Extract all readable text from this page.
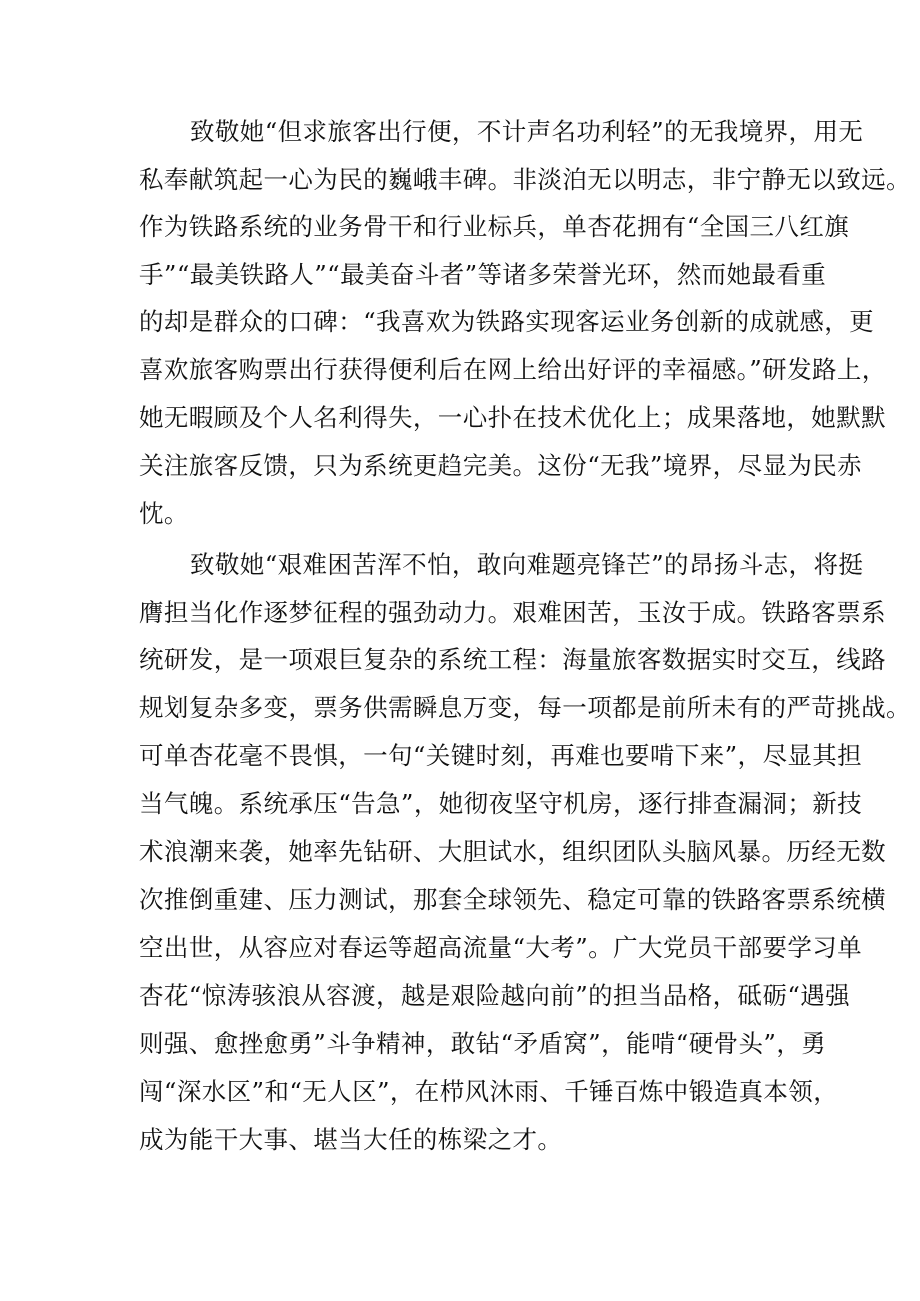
致敬她“但求旅客出行便，不计声名功利轻”的无我境界，用无
私奉献筑起一心为民的巍峨丰碑。非淡泊无以明志，非宁静无以致远。
作为铁路系统的业务骨干和行业标兵，单杏花拥有“全国三八红旗
手”“最美铁路人”“最美奋斗者”等诸多荣誉光环，然而她最看重
的却是群众的口碑：“我喜欢为铁路实现客运业务创新的成就感，更
喜欢旅客购票出行获得便利后在网上给出好评的幸福感。”研发路上，
她无暇顾及个人名利得失，一心扑在技术优化上；成果落地，她默默
关注旅客反馈，只为系统更趋完美。这份“无我”境界，尽显为民赤
忱。
致敬她“艰难困苦浑不怕，敢向难题亮锋芒”的昂扬斗志，将挺
膺担当化作逐梦征程的强劲动力。艰难困苦，玉汝于成。铁路客票系
统研发，是一项艰巨复杂的系统工程：海量旅客数据实时交互，线路
规划复杂多变，票务供需瞬息万变，每一项都是前所未有的严苛挑战。
可单杏花毫不畏惧，一句“关键时刻，再难也要啃下来”，尽显其担
当气魄。系统承压“告急”，她彻夜坚守机房，逐行排查漏洞；新技
术浪潮来袭，她率先钻研、大胆试水，组织团队头脑风暴。历经无数
次推倒重建、压力测试，那套全球领先、稳定可靠的铁路客票系统横
空出世，从容应对春运等超高流量“大考”。广大党员干部要学习单
杏花“惊涛骇浪从容渡，越是艰险越向前”的担当品格，砥砺“遇强
则强、愈挫愈勇”斗争精神，敢钻“矛盾窝”，能啃“硬骨头”，勇
闯“深水区”和“无人区”，在栉风沐雨、千锤百炼中锻造真本领，
成为能干大事、堪当大任的栋梁之才。
